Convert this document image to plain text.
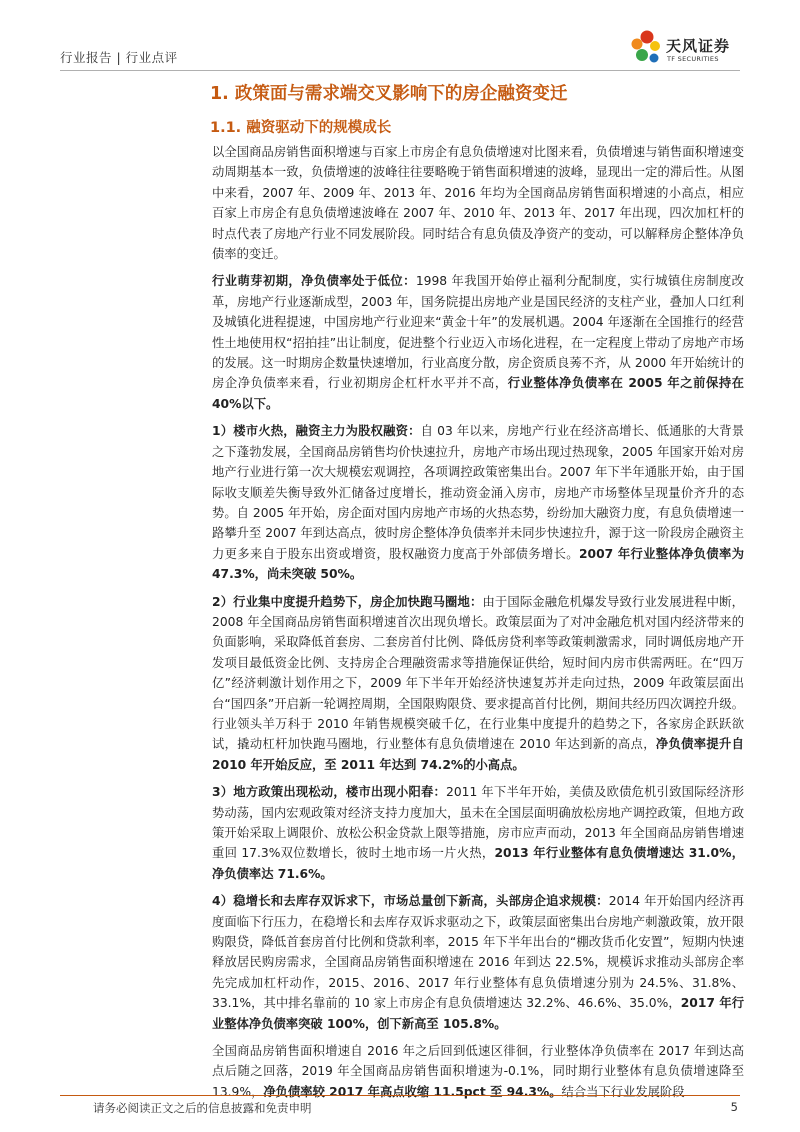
行业报告 | 行业点评
天风证券
TF SECURITIES
1. 政策面与需求端交叉影响下的房企融资变迁
1.1. 融资驱动下的规模成长

以全国商品房销售面积增速与百家上市房企有息负债增速对比图来看，负债增速与销售面积增速变动周期基本一致，负债增速的波峰往往要略晚于销售面积增速的波峰，显现出一定的滞后性。从图中来看，2007 年、2009 年、2013 年、2016 年均为全国商品房销售面积增速的小高点，相应百家上市房企有息负债增速波峰在 2007 年、2010 年、2013 年、2017 年出现，四次加杠杆的时点代表了房地产行业不同发展阶段。同时结合有息负债及净资产的变动，可以解释房企整体净负债率的变迁。

行业萌芽初期，净负债率处于低位：1998 年我国开始停止福利分配制度，实行城镇住房制度改革，房地产行业逐渐成型，2003 年，国务院提出房地产业是国民经济的支柱产业，叠加人口红利及城镇化进程提速，中国房地产行业迎来“黄金十年”的发展机遇。2004 年逐渐在全国推行的经营性土地使用权“招拍挂”出让制度，促进整个行业迈入市场化进程，在一定程度上带动了房地产市场的发展。这一时期房企数量快速增加，行业高度分散，房企资质良莠不齐，从 2000 年开始统计的房企净负债率来看，行业初期房企杠杆水平并不高，行业整体净负债率在 2005 年之前保持在 40%以下。

1）楼市火热，融资主力为股权融资：自 03 年以来，房地产行业在经济高增长、低通胀的大背景之下蓬勃发展，全国商品房销售均价快速拉升，房地产市场出现过热现象，2005 年国家开始对房地产行业进行第一次大规模宏观调控，各项调控政策密集出台。2007 年下半年通胀开始，由于国际收支顺差失衡导致外汇储备过度增长，推动资金涌入房市，房地产市场整体呈现量价齐升的态势。自 2005 年开始，房企面对国内房地产市场的火热态势，纷纷加大融资力度，有息负债增速一路攀升至 2007 年到达高点，彼时房企整体净负债率并未同步快速拉升，源于这一阶段房企融资主力更多来自于股东出资或增资，股权融资力度高于外部债务增长。2007 年行业整体净负债率为 47.3%，尚未突破 50%。

2）行业集中度提升趋势下，房企加快跑马圈地：由于国际金融危机爆发导致行业发展进程中断，2008 年全国商品房销售面积增速首次出现负增长。政策层面为了对冲金融危机对国内经济带来的负面影响，采取降低首套房、二套房首付比例、降低房贷利率等政策刺激需求，同时调低房地产开发项目最低资金比例、支持房企合理融资需求等措施保证供给，短时间内房市供需两旺。在“四万亿”经济刺激计划作用之下，2009 年下半年开始经济快速复苏并走向过热，2009 年政策层面出台“国四条”开启新一轮调控周期，全国限购限贷、要求提高首付比例，期间共经历四次调控升级。行业领头羊万科于 2010 年销售规模突破千亿，在行业集中度提升的趋势之下，各家房企跃跃欲试，撬动杠杆加快跑马圈地，行业整体有息负债增速在 2010 年达到新的高点，净负债率提升自 2010 年开始反应，至 2011 年达到 74.2%的小高点。

3）地方政策出现松动，楼市出现小阳春：2011 年下半年开始，美债及欧债危机引致国际经济形势动荡，国内宏观政策对经济支持力度加大，虽未在全国层面明确放松房地产调控政策，但地方政策开始采取上调限价、放松公积金贷款上限等措施，房市应声而动，2013 年全国商品房销售增速重回 17.3%双位数增长，彼时土地市场一片火热，2013 年行业整体有息负债增速达 31.0%，净负债率达 71.6%。

4）稳增长和去库存双诉求下，市场总量创下新高，头部房企追求规模：2014 年开始国内经济再度面临下行压力，在稳增长和去库存双诉求驱动之下，政策层面密集出台房地产刺激政策，放开限购限贷，降低首套房首付比例和贷款利率，2015 年下半年出台的“棚改货币化安置”，短期内快速释放居民购房需求，全国商品房销售面积增速在 2016 年到达 22.5%，规模诉求推动头部房企率先完成加杠杆动作，2015、2016、2017 年行业整体有息负债增速分别为 24.5%、31.8%、33.1%，其中排名靠前的 10 家上市房企有息负债增速达 32.2%、46.6%、35.0%，2017 年行业整体净负债率突破 100%，创下新高至 105.8%。

全国商品房销售面积增速自 2016 年之后回到低速区徘徊，行业整体净负债率在 2017 年到达高点后随之回落，2019 年全国商品房销售面积增速为-0.1%，同时期行业整体有息负债增速降至 13.9%，净负债率较 2017 年高点收缩 11.5pct 至 94.3%。结合当下行业发展阶段

请务必阅读正文之后的信息披露和免责申明	5
